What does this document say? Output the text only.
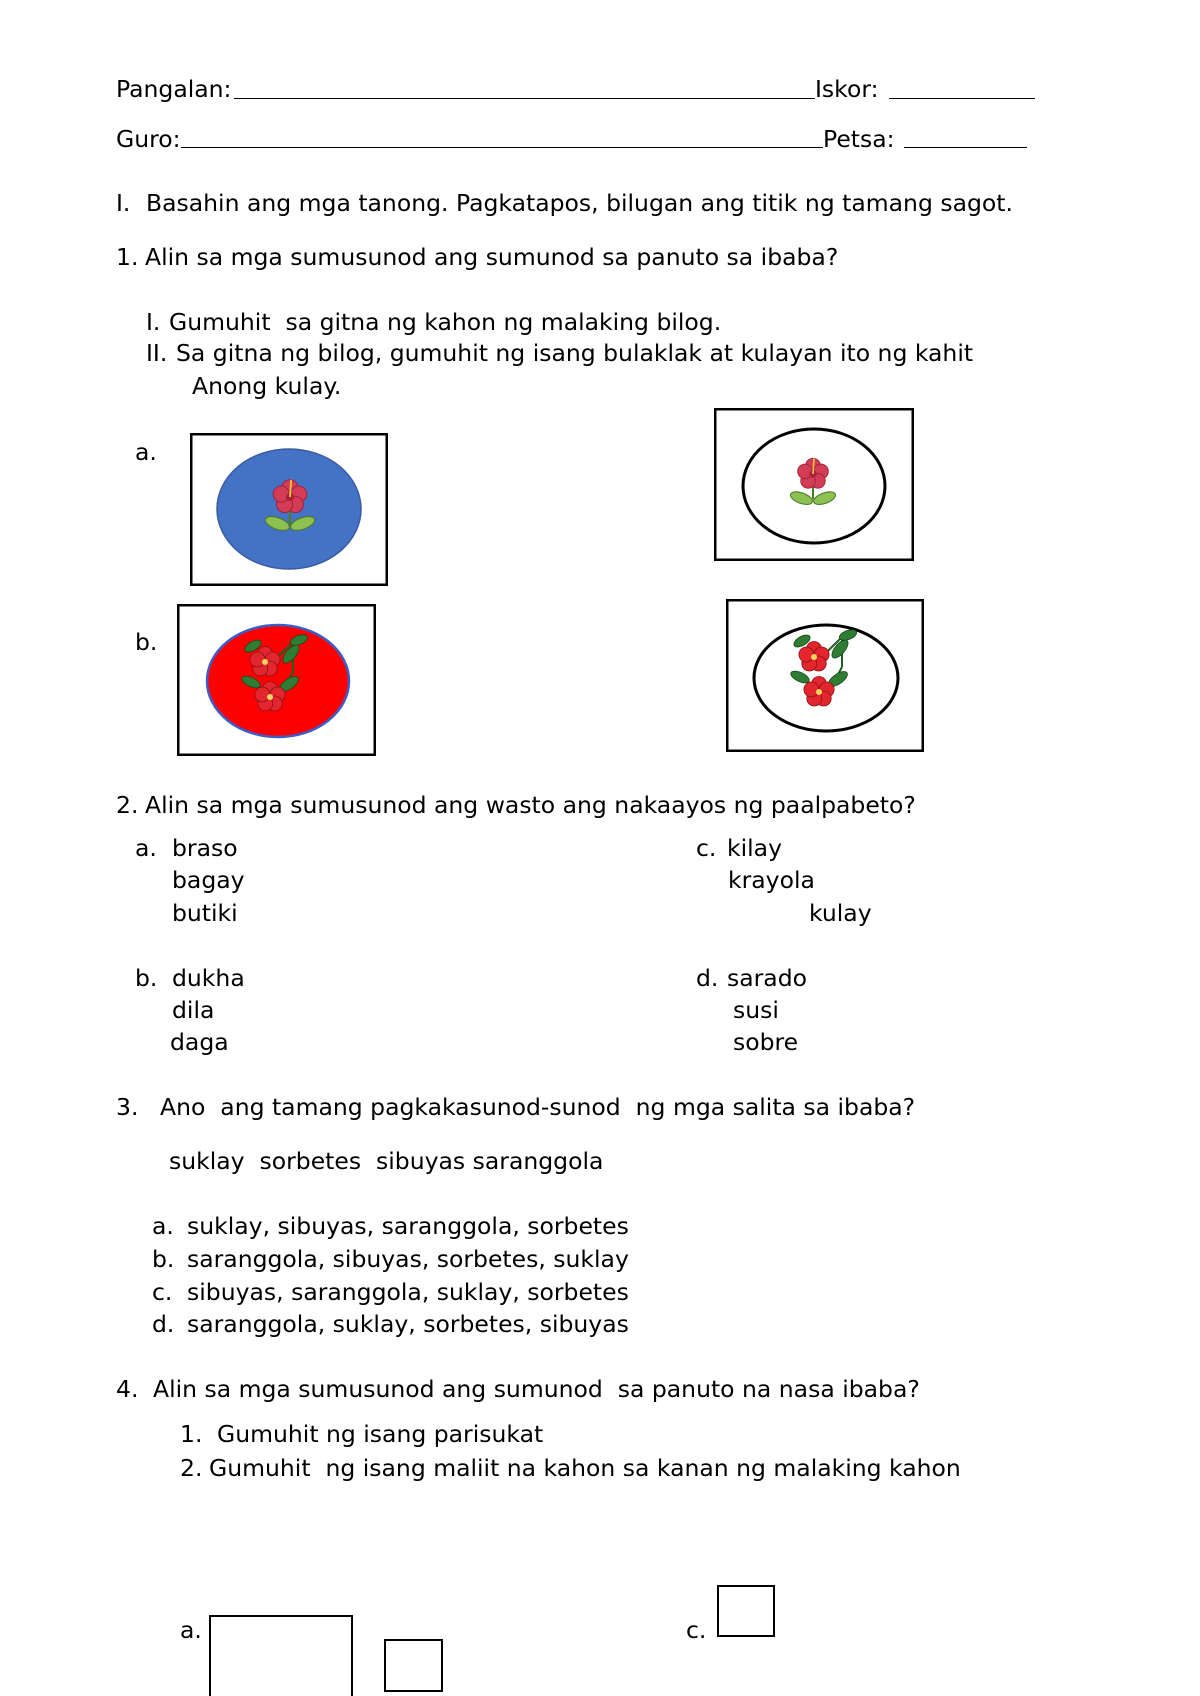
Pangalan:	Iskor:
Guro:	Petsa:
I. Basahin ang mga tanong. Pagkatapos, bilugan ang titik ng tamang sagot.
1. Alin sa mga sumusunod ang sumunod sa panuto sa ibaba?
I. Gumuhit  sa gitna ng kahon ng malaking bilog.
II. Sa gitna ng bilog, gumuhit ng isang bulaklak at kulayan ito ng kahit
Anong kulay.
a.
b.
2. Alin sa mga sumusunod ang wasto ang nakaayos ng paalpabeto?
a. braso
bagay
butiki
c. kilay
krayola
kulay
b. dukha
dila
daga
d. sarado
susi
sobre
3. Ano  ang tamang pagkakasunod-sunod  ng mga salita sa ibaba?
suklay  sorbetes  sibuyas saranggola
a. suklay, sibuyas, saranggola, sorbetes
b. saranggola, sibuyas, sorbetes, suklay
c. sibuyas, saranggola, suklay, sorbetes
d. saranggola, suklay, sorbetes, sibuyas
4. Alin sa mga sumusunod ang sumunod  sa panuto na nasa ibaba?
1. Gumuhit ng isang parisukat
2. Gumuhit  ng isang maliit na kahon sa kanan ng malaking kahon
a.	c.
